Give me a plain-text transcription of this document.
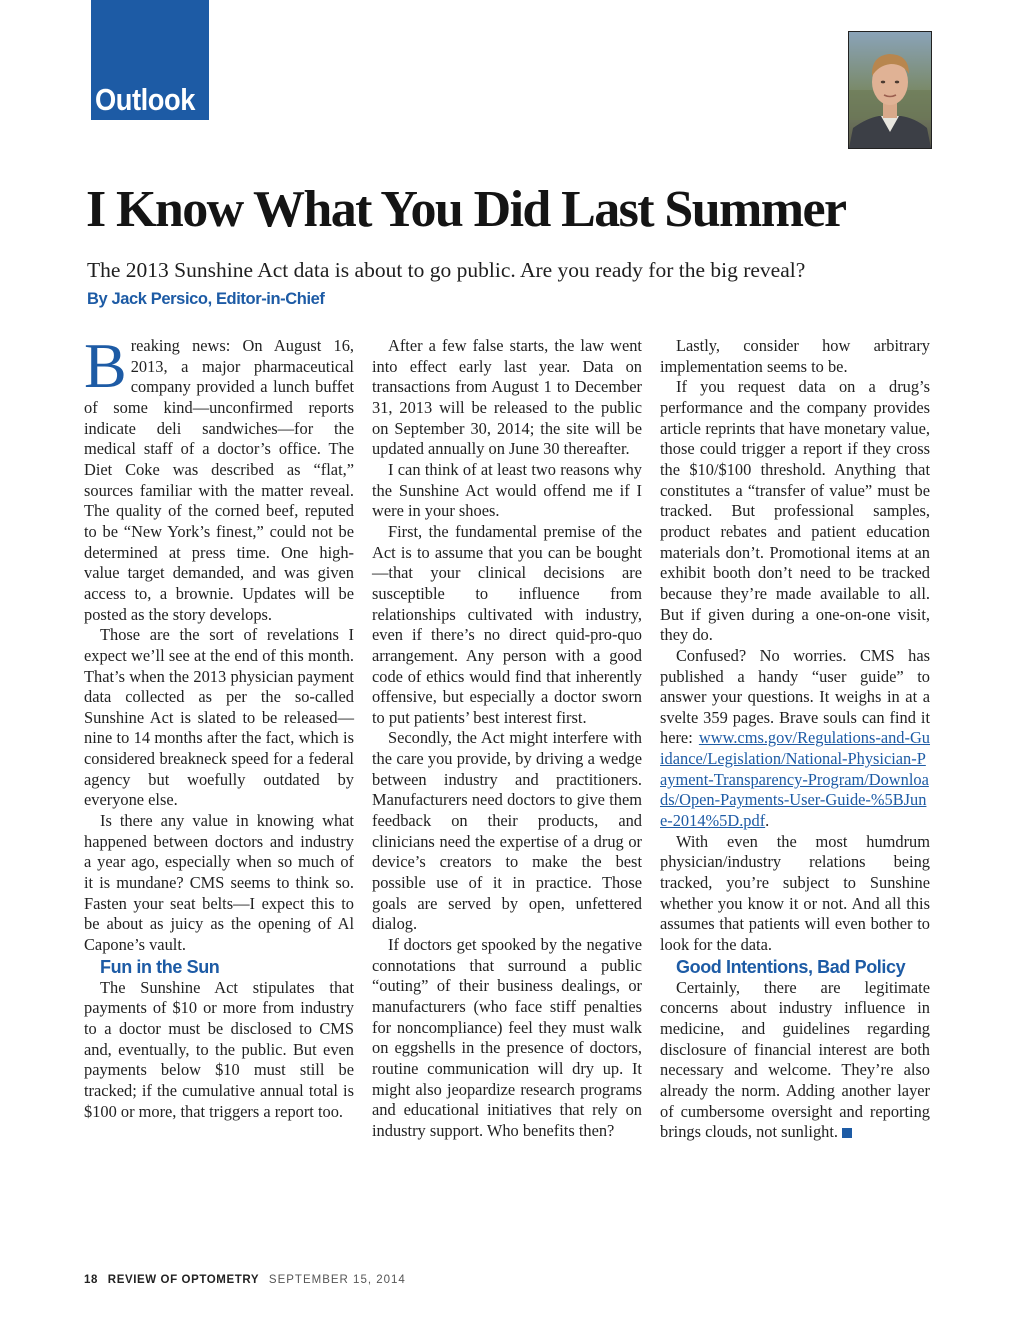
Outlook
I Know What You Did Last Summer

The 2013 Sunshine Act data is about to go public. Are you ready for the big reveal?

By Jack Persico, Editor-in-Chief

Breaking news: On August 16, 2013, a major pharmaceutical company provided a lunch buffet of some kind—unconfirmed reports indicate deli sandwiches—for the medical staff of a doctor’s office. The Diet Coke was described as “flat,” sources familiar with the matter reveal. The quality of the corned beef, reputed to be “New York’s finest,” could not be determined at press time. One high-value target demanded, and was given access to, a brownie. Updates will be posted as the story develops.

Those are the sort of revelations I expect we’ll see at the end of this month. That’s when the 2013 physician payment data collected as per the so-called Sunshine Act is slated to be released—nine to 14 months after the fact, which is considered breakneck speed for a federal agency but woefully outdated by everyone else.

Is there any value in knowing what happened between doctors and industry a year ago, especially when so much of it is mundane? CMS seems to think so. Fasten your seat belts—I expect this to be about as juicy as the opening of Al Capone’s vault.

Fun in the Sun

The Sunshine Act stipulates that payments of $10 or more from industry to a doctor must be disclosed to CMS and, eventually, to the public. But even payments below $10 must still be tracked; if the cumulative annual total is $100 or more, that triggers a report too.

After a few false starts, the law went into effect early last year. Data on transactions from August 1 to December 31, 2013 will be released to the public on September 30, 2014; the site will be updated annually on June 30 thereafter.

I can think of at least two reasons why the Sunshine Act would offend me if I were in your shoes.

First, the fundamental premise of the Act is to assume that you can be bought—that your clinical decisions are susceptible to influence from relationships cultivated with industry, even if there’s no direct quid-pro-quo arrangement. Any person with a good code of ethics would find that inherently offensive, but especially a doctor sworn to put patients’ best interest first.

Secondly, the Act might interfere with the care you provide, by driving a wedge between industry and practitioners. Manufacturers need doctors to give them feedback on their products, and clinicians need the expertise of a drug or device’s creators to make the best possible use of it in practice. Those goals are served by open, unfettered dialog.

If doctors get spooked by the negative connotations that surround a public “outing” of their business dealings, or manufacturers (who face stiff penalties for noncompliance) feel they must walk on eggshells in the presence of doctors, routine communication will dry up. It might also jeopardize research programs and educational initiatives that rely on industry support. Who benefits then?

Lastly, consider how arbitrary implementation seems to be.

If you request data on a drug’s performance and the company provides article reprints that have monetary value, those could trigger a report if they cross the $10/$100 threshold. Anything that constitutes a “transfer of value” must be tracked. But professional samples, product rebates and patient education materials don’t. Promotional items at an exhibit booth don’t need to be tracked because they’re made available to all. But if given during a one-on-one visit, they do.

Confused? No worries. CMS has published a handy “user guide” to answer your questions. It weighs in at a svelte 359 pages. Brave souls can find it here: www.cms.gov/Regulations-and-Guidance/Legislation/National-Physician-Payment-Transparency-Program/Downloads/Open-Payments-User-Guide-%5BJune-2014%5D.pdf.

With even the most humdrum physician/industry relations being tracked, you’re subject to Sunshine whether you know it or not. And all this assumes that patients will even bother to look for the data.

Good Intentions, Bad Policy

Certainly, there are legitimate concerns about industry influence in medicine, and guidelines regarding disclosure of financial interest are both necessary and welcome. They’re also already the norm. Adding another layer of cumbersome oversight and reporting brings clouds, not sunlight.

18 REVIEW OF OPTOMETRY SEPTEMBER 15, 2014
